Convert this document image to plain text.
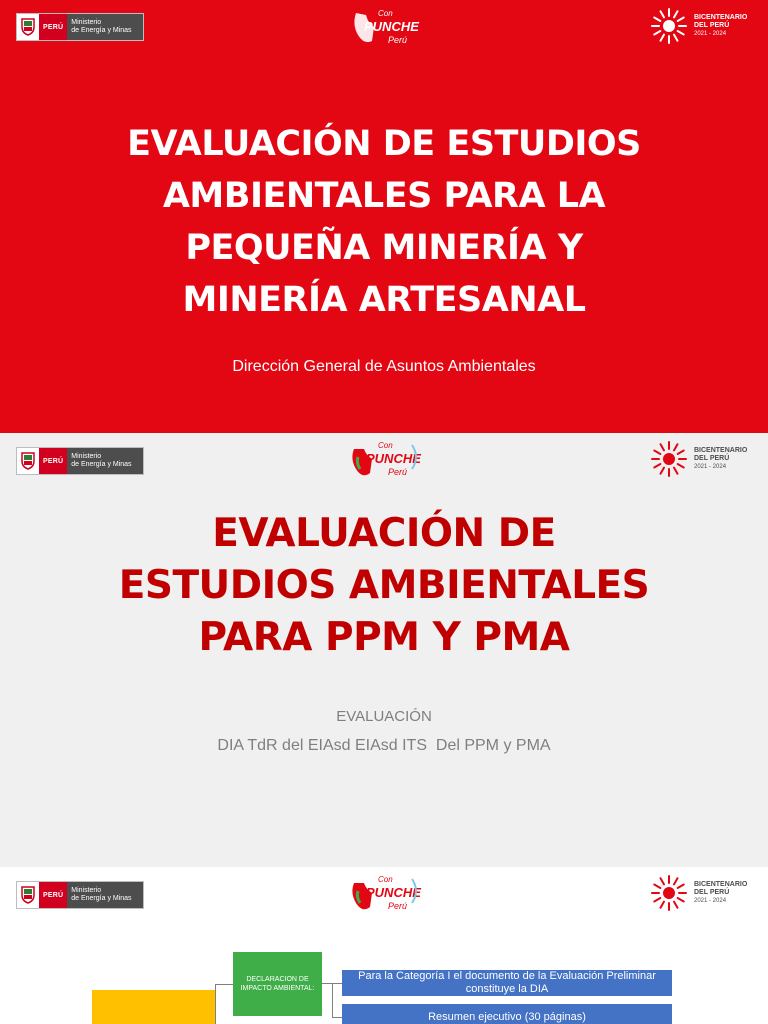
PERÚ
Ministerio
de Energía y Minas
Con
PUNCHE
Perú
BICENTENARIO
DEL PERÚ
2021 - 2024
EVALUACIÓN DE ESTUDIOS
AMBIENTALES PARA LA
PEQUEÑA MINERÍA Y
MINERÍA ARTESANAL
Dirección General de Asuntos Ambientales
PERÚ
Ministerio
de Energía y Minas
Con
PUNCHE
Perú
BICENTENARIO
DEL PERÚ
2021 - 2024
EVALUACIÓN DE
ESTUDIOS AMBIENTALES
PARA PPM Y PMA
EVALUACIÓN
DIA TdR del EIAsd EIAsd ITS  Del PPM y PMA
PERÚ
Ministerio
de Energía y Minas
Con
PUNCHE
Perú
BICENTENARIO
DEL PERÚ
2021 - 2024
DECLARACION DE IMPACTO AMBIENTAL:
Para la Categoría I el documento de la Evaluación Preliminar constituye la DIA
Resumen ejecutivo (30 páginas)
